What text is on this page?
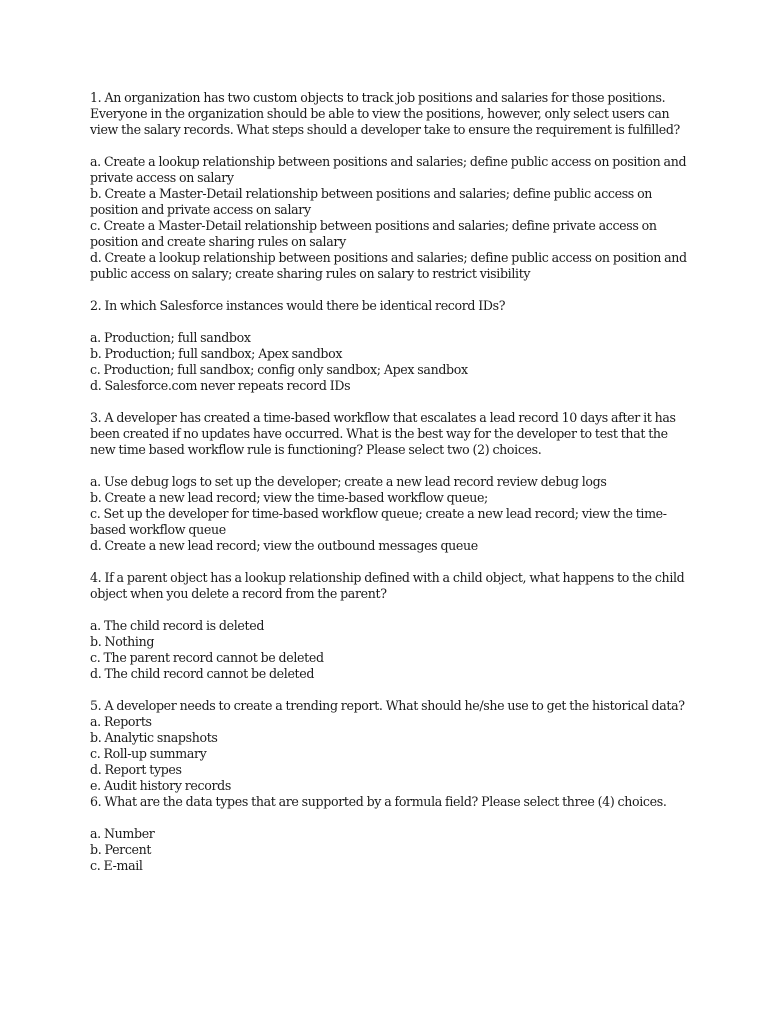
1. An organization has two custom objects to track job positions and salaries for those positions. Everyone in the organization should be able to view the positions, however, only select users can view the salary records. What steps should a developer take to ensure the requirement is fulfilled?

a. Create a lookup relationship between positions and salaries; define public access on position and private access on salary
b. Create a Master-Detail relationship between positions and salaries; define public access on position and private access on salary
c. Create a Master-Detail relationship between positions and salaries; define private access on position and create sharing rules on salary
d. Create a lookup relationship between positions and salaries; define public access on position and public access on salary; create sharing rules on salary to restrict visibility

2. In which Salesforce instances would there be identical record IDs?

a. Production; full sandbox
b. Production; full sandbox; Apex sandbox
c. Production; full sandbox; config only sandbox; Apex sandbox
d. Salesforce.com never repeats record IDs

3. A developer has created a time-based workflow that escalates a lead record 10 days after it has been created if no updates have occurred. What is the best way for the developer to test that the new time based workflow rule is functioning? Please select two (2) choices.

a. Use debug logs to set up the developer; create a new lead record review debug logs
b. Create a new lead record; view the time-based workflow queue;
c. Set up the developer for time-based workflow queue; create a new lead record; view the time-based workflow queue
d. Create a new lead record; view the outbound messages queue

4. If a parent object has a lookup relationship defined with a child object, what happens to the child object when you delete a record from the parent?

a. The child record is deleted
b. Nothing
c. The parent record cannot be deleted
d. The child record cannot be deleted

5. A developer needs to create a trending report. What should he/she use to get the historical data?

a. Reports
b. Analytic snapshots
c. Roll-up summary
d. Report types
e. Audit history records

6. What are the data types that are supported by a formula field? Please select three (4) choices.

a. Number
b. Percent
c. E-mail
